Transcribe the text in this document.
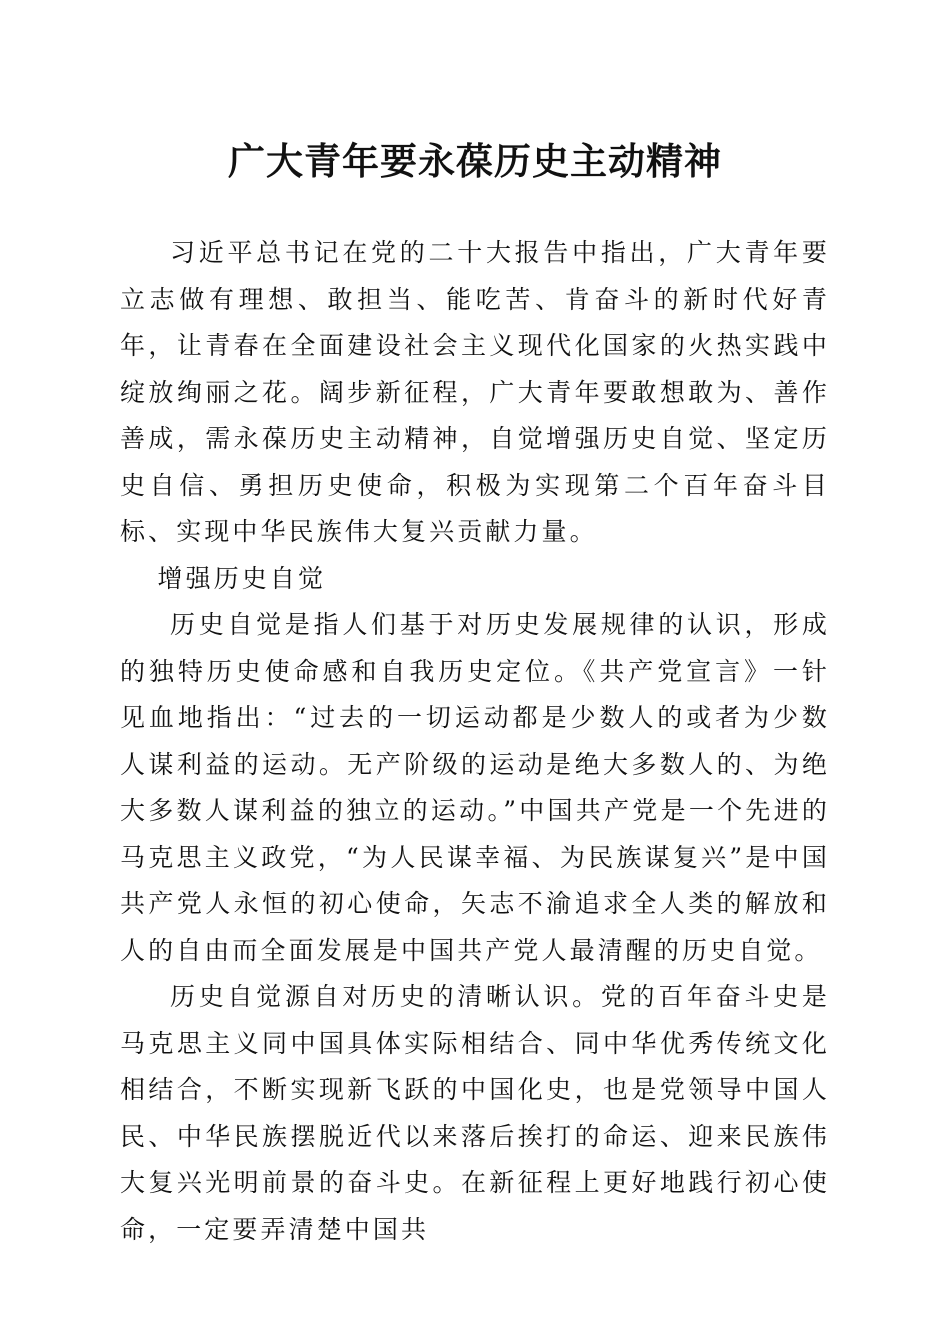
广大青年要永葆历史主动精神

习近平总书记在党的二十大报告中指出，广大青年要立志做有理想、敢担当、能吃苦、肯奋斗的新时代好青年，让青春在全面建设社会主义现代化国家的火热实践中绽放绚丽之花。阔步新征程，广大青年要敢想敢为、善作善成，需永葆历史主动精神，自觉增强历史自觉、坚定历史自信、勇担历史使命，积极为实现第二个百年奋斗目标、实现中华民族伟大复兴贡献力量。

增强历史自觉

历史自觉是指人们基于对历史发展规律的认识，形成的独特历史使命感和自我历史定位。《共产党宣言》一针见血地指出：“过去的一切运动都是少数人的或者为少数人谋利益的运动。无产阶级的运动是绝大多数人的、为绝大多数人谋利益的独立的运动。”中国共产党是一个先进的马克思主义政党，“为人民谋幸福、为民族谋复兴”是中国共产党人永恒的初心使命，矢志不渝追求全人类的解放和人的自由而全面发展是中国共产党人最清醒的历史自觉。

历史自觉源自对历史的清晰认识。党的百年奋斗史是马克思主义同中国具体实际相结合、同中华优秀传统文化相结合，不断实现新飞跃的中国化史，也是党领导中国人民、中华民族摆脱近代以来落后挨打的命运、迎来民族伟大复兴光明前景的奋斗史。在新征程上更好地践行初心使命，一定要弄清楚中国共
